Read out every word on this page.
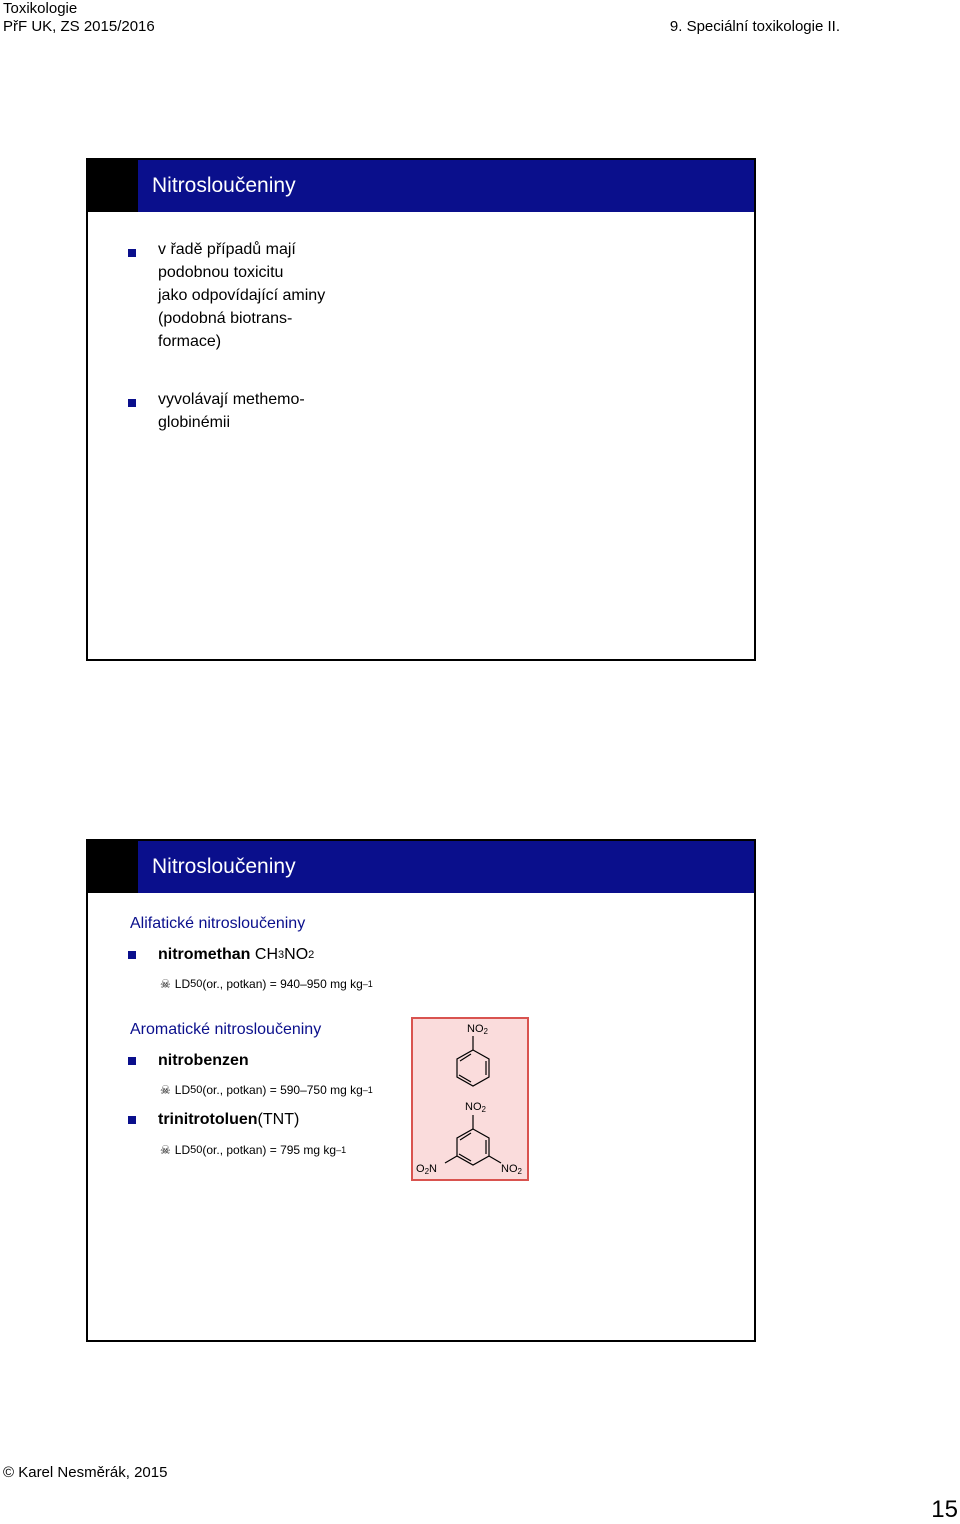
Toxikologie
PřF UK, ZS 2015/2016	9. Speciální toxikologie II.
Nitrosloučeniny
v řadě případů mají
podobnou toxicitu
jako odpovídající aminy
(podobná biotrans-
formace)
vyvolávají methemo-
globinémii
Nitrosloučeniny
Alifatické nitrosloučeniny
nitromethan
CH 3 NO 2
☠ LD 50 (or., potkan) = 940–950 mg kg –1
Aromatické nitrosloučeniny
nitrobenzen
☠ LD 50 (or., potkan) = 590–750 mg kg –1
trinitrotoluen (TNT)
☠ LD 50 (or., potkan) = 795 mg kg –1
NO2
NO2
O2N	NO2
© Karel Nesměrák, 2015
15
